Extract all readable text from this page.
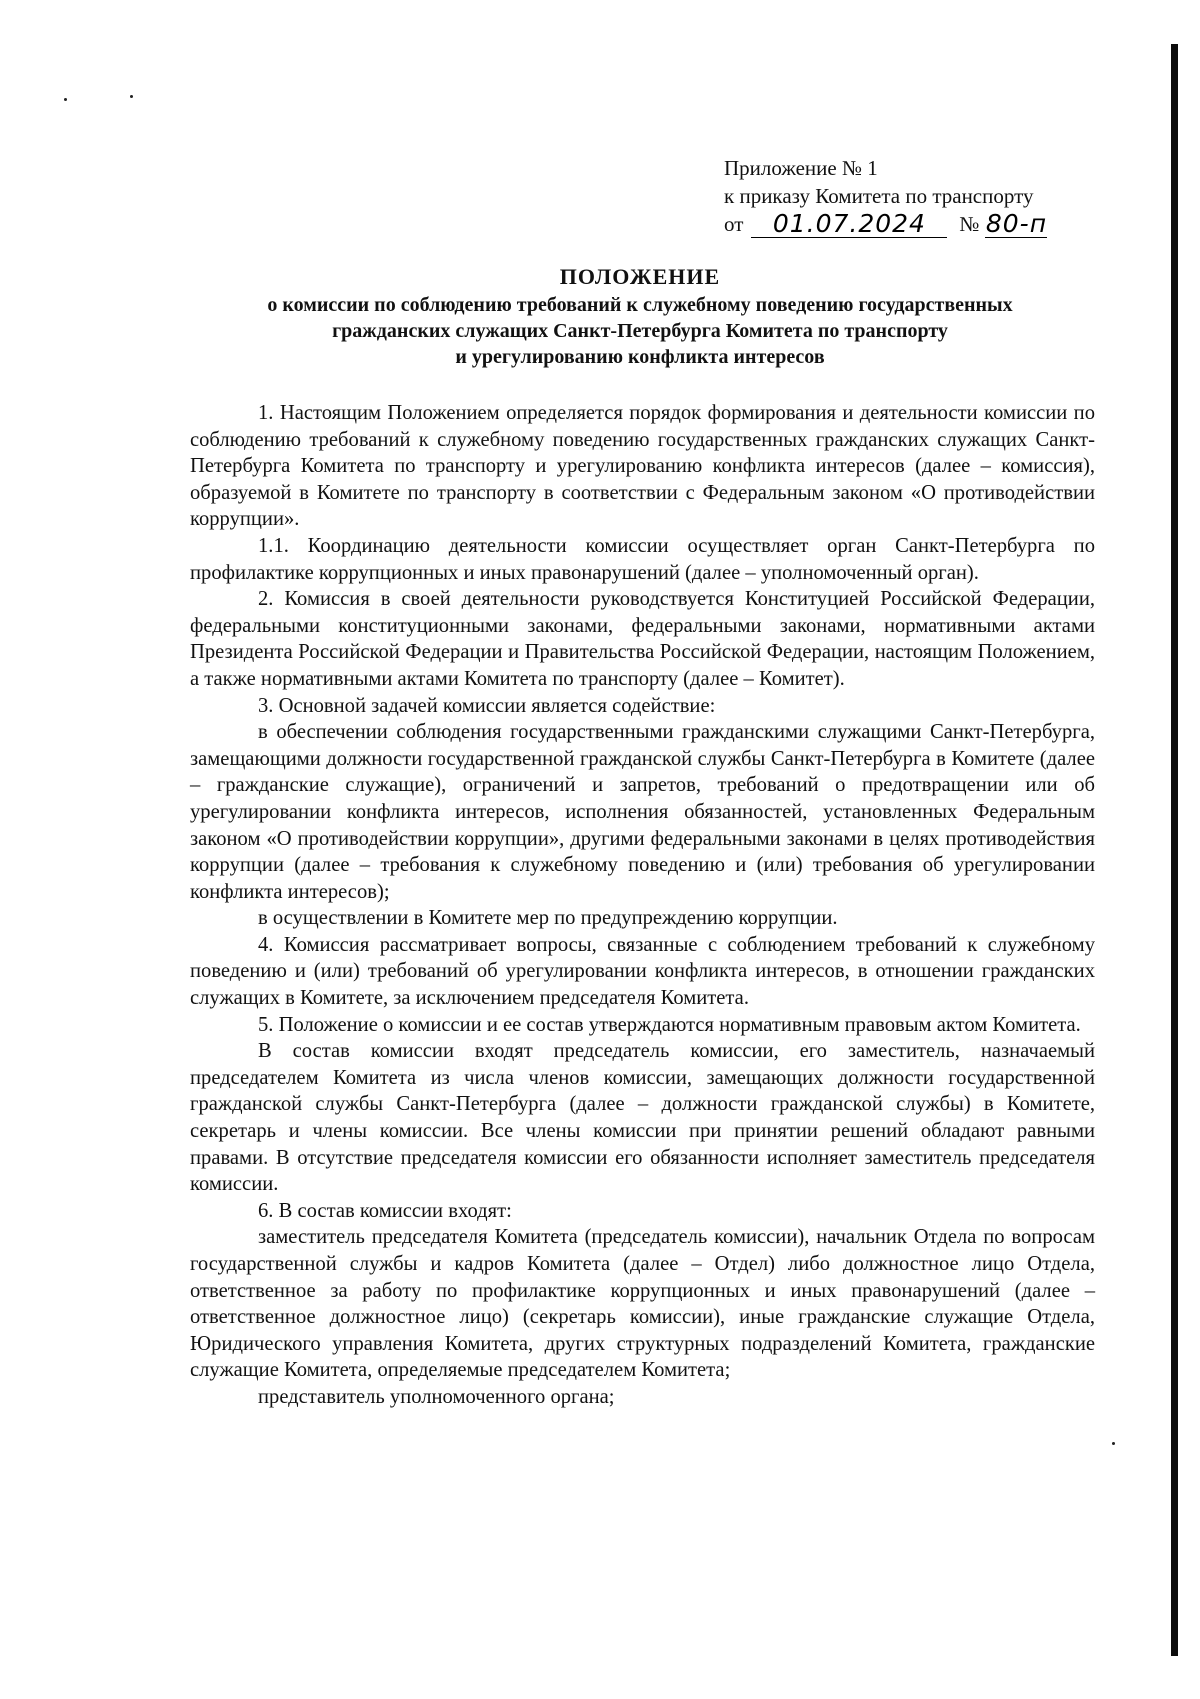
Приложение № 1
к приказу Комитета по транспорту
от	01.07.2024	№ 80-п
ПОЛОЖЕНИЕ
о комиссии по соблюдению требований к служебному поведению государственных
гражданских служащих Санкт-Петербурга Комитета по транспорту
и урегулированию конфликта интересов

1. Настоящим Положением определяется порядок формирования и деятельности комиссии по соблюдению требований к служебному поведению государственных гражданских служащих Санкт-Петербурга Комитета по транспорту и урегулированию конфликта интересов (далее – комиссия), образуемой в Комитете по транспорту в соответствии с Федеральным законом «О противодействии коррупции».

1.1. Координацию деятельности комиссии осуществляет орган Санкт-Петербурга по профилактике коррупционных и иных правонарушений (далее – уполномоченный орган).

2. Комиссия в своей деятельности руководствуется Конституцией Российской Федерации, федеральными конституционными законами, федеральными законами, нормативными актами Президента Российской Федерации и Правительства Российской Федерации, настоящим Положением, а также нормативными актами Комитета по транспорту (далее – Комитет).

3. Основной задачей комиссии является содействие:

в обеспечении соблюдения государственными гражданскими служащими Санкт-Петербурга, замещающими должности государственной гражданской службы Санкт-Петербурга в Комитете (далее – гражданские служащие), ограничений и запретов, требований о предотвращении или об урегулировании конфликта интересов, исполнения обязанностей, установленных Федеральным законом «О противодействии коррупции», другими федеральными законами в целях противодействия коррупции (далее – требования к служебному поведению и (или) требования об урегулировании конфликта интересов);

в осуществлении в Комитете мер по предупреждению коррупции.

4. Комиссия рассматривает вопросы, связанные с соблюдением требований к служебному поведению и (или) требований об урегулировании конфликта интересов, в отношении гражданских служащих в Комитете, за исключением председателя Комитета.

5. Положение о комиссии и ее состав утверждаются нормативным правовым актом Комитета.

В состав комиссии входят председатель комиссии, его заместитель, назначаемый председателем Комитета из числа членов комиссии, замещающих должности государственной гражданской службы Санкт-Петербурга (далее – должности гражданской службы) в Комитете, секретарь и члены комиссии. Все члены комиссии при принятии решений обладают равными правами. В отсутствие председателя комиссии его обязанности исполняет заместитель председателя комиссии.

6. В состав комиссии входят:

заместитель председателя Комитета (председатель комиссии), начальник Отдела по вопросам государственной службы и кадров Комитета (далее – Отдел) либо должностное лицо Отдела, ответственное за работу по профилактике коррупционных и иных правонарушений (далее – ответственное должностное лицо) (секретарь комиссии), иные гражданские служащие Отдела, Юридического управления Комитета, других структурных подразделений Комитета, гражданские служащие Комитета, определяемые председателем Комитета;

представитель уполномоченного органа;
